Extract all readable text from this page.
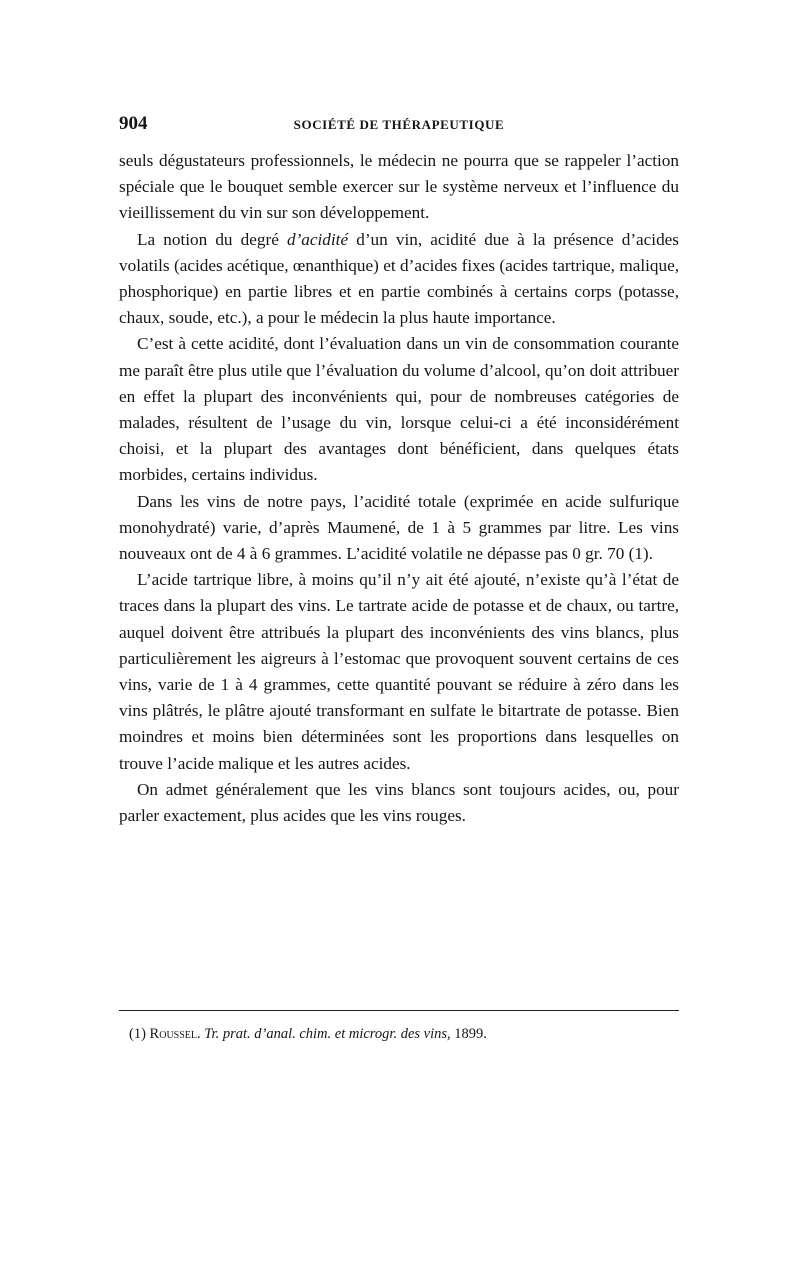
904	SOCIÉTÉ DE THÉRAPEUTIQUE

seuls dégustateurs professionnels, le médecin ne pourra que se rappeler l’action spéciale que le bouquet semble exercer sur le système nerveux et l’influence du vieillissement du vin sur son développement.

La notion du degré d’acidité d’un vin, acidité due à la présence d’acides volatils (acides acétique, œnanthique) et d’acides fixes (acides tartrique, malique, phosphorique) en partie libres et en partie combinés à certains corps (potasse, chaux, soude, etc.), a pour le médecin la plus haute importance.

C’est à cette acidité, dont l’évaluation dans un vin de consommation courante me paraît être plus utile que l’évaluation du volume d’alcool, qu’on doit attribuer en effet la plupart des inconvénients qui, pour de nombreuses catégories de malades, résultent de l’usage du vin, lorsque celui-ci a été inconsidérément choisi, et la plupart des avantages dont bénéficient, dans quelques états morbides, certains individus.

Dans les vins de notre pays, l’acidité totale (exprimée en acide sulfurique monohydraté) varie, d’après Maumené, de 1 à 5 grammes par litre. Les vins nouveaux ont de 4 à 6 grammes. L’acidité volatile ne dépasse pas 0 gr. 70 (1).

L’acide tartrique libre, à moins qu’il n’y ait été ajouté, n’existe qu’à l’état de traces dans la plupart des vins. Le tartrate acide de potasse et de chaux, ou tartre, auquel doivent être attribués la plupart des inconvénients des vins blancs, plus particulièrement les aigreurs à l’estomac que provoquent souvent certains de ces vins, varie de 1 à 4 grammes, cette quantité pouvant se réduire à zéro dans les vins plâtrés, le plâtre ajouté transformant en sulfate le bitartrate de potasse. Bien moindres et moins bien déterminées sont les proportions dans lesquelles on trouve l’acide malique et les autres acides.

On admet généralement que les vins blancs sont toujours acides, ou, pour parler exactement, plus acides que les vins rouges.

(1) Roussel. Tr. prat. d’anal. chim. et microgr. des vins, 1899.
